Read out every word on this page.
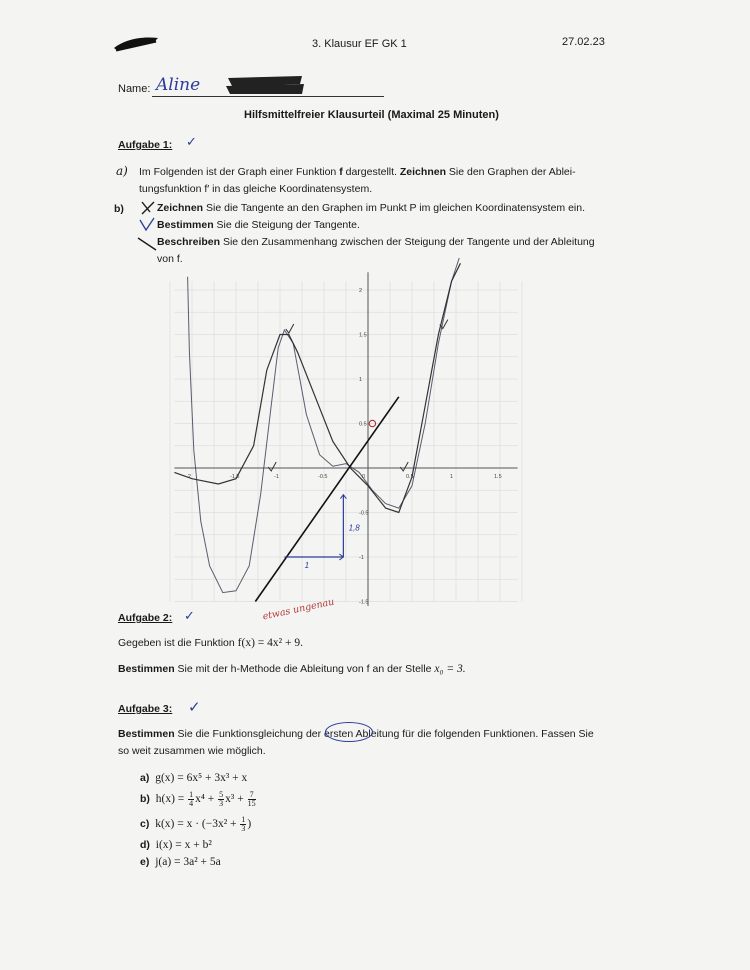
3. Klausur EF GK 1	27.02.23
Name: Aline
Hilfsmittelfreier Klausurteil (Maximal 25 Minuten)
Aufgabe 1: ✓
a) Im Folgenden ist der Graph einer Funktion f dargestellt. Zeichnen Sie den Graphen der Ablei-
tungsfunktion f′ in das gleiche Koordinatensystem.
b)	Zeichnen Sie die Tangente an den Graphen im Punkt P im gleichen Koordinatensystem ein.
Bestimmen Sie die Steigung der Tangente.
Beschreiben Sie den Zusammenhang zwischen der Steigung der Tangente und der Ableitung
von f.
-2	-1.5	-1	-0.5	0	0.5	1	1.5
2
1.5
1
0.5
-0.5
-1
-1.5
1
1,8
etwas ungenau
Aufgabe 2: ✓
Gegeben ist die Funktion f(x) = 4x² + 9.
Bestimmen Sie mit der h-Methode die Ableitung von f an der Stelle x₀ = 3.
Aufgabe 3: ✓
Bestimmen Sie die Funktionsgleichung der ersten Ableitung für die folgenden Funktionen. Fassen Sie
so weit zusammen wie möglich.
a) g(x) = 6x⁵ + 3x³ + x
b) $h(x) = \frac{1}{4} x^4 + \frac{5}{3} x^3 + \frac{7}{15}$
c) $k(x) = x \cdot (-3x^2 + \frac{1}{3}$ )
d) i(x) = x + b²
e) j(a) = 3a² + 5a
